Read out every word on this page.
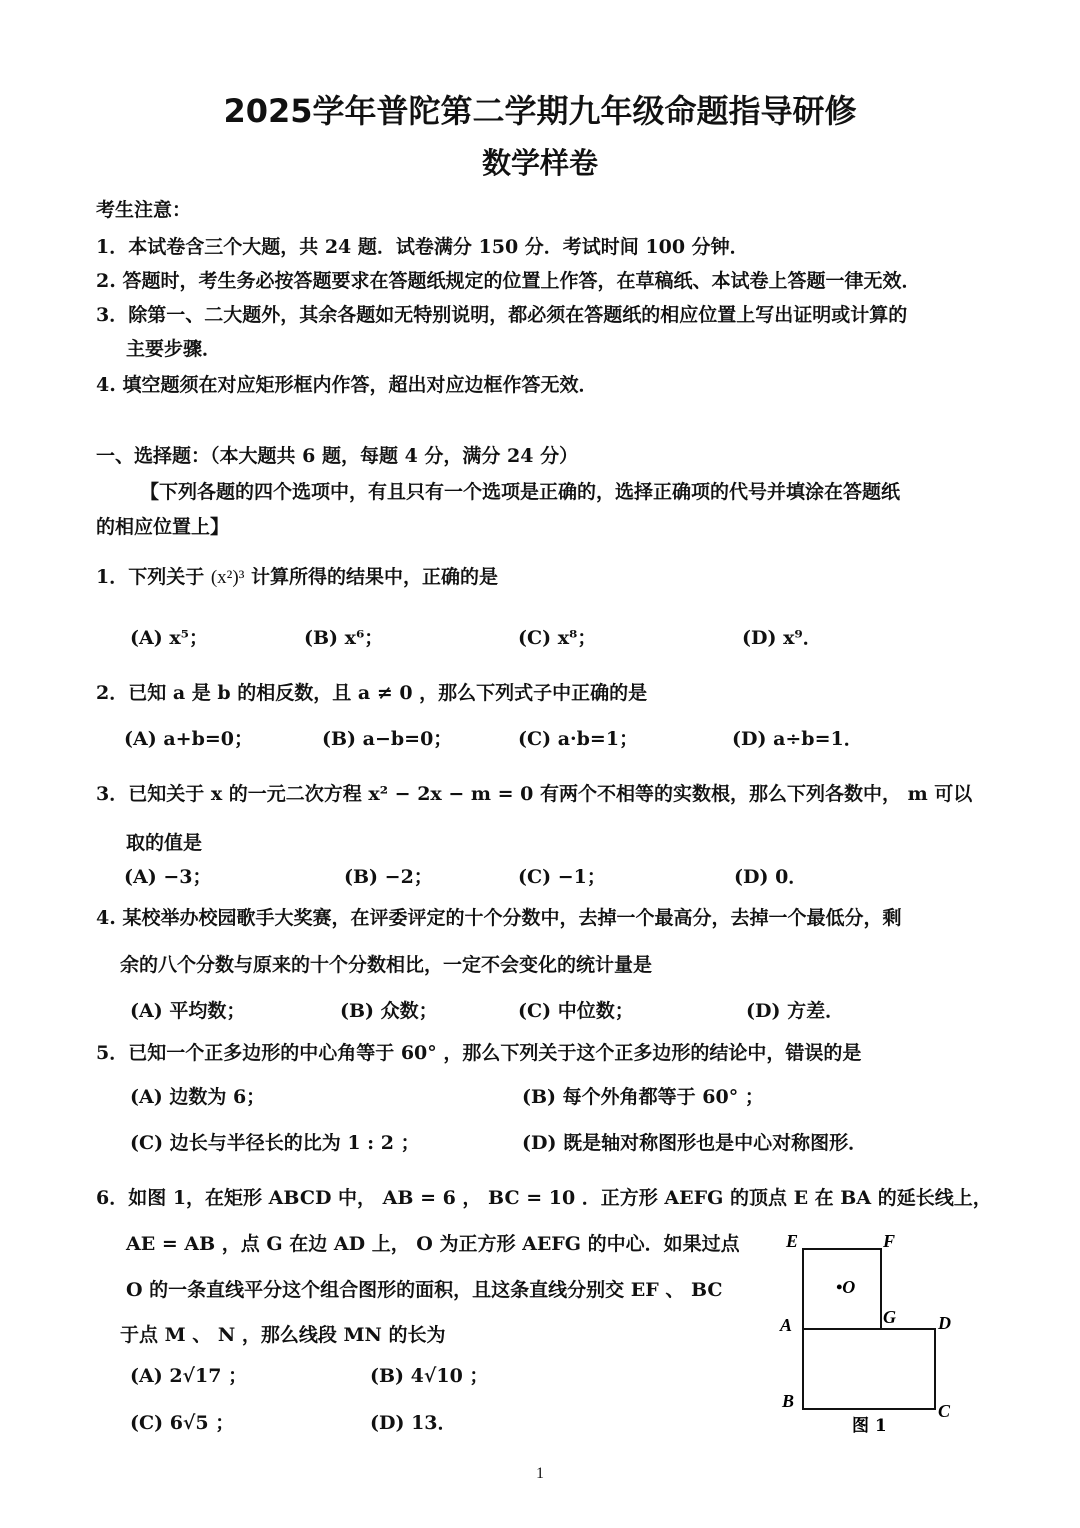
2025学年普陀第二学期九年级命题指导研修
数学样卷
考生注意：
1．本试卷含三个大题，共 24 题．试卷满分 150 分．考试时间 100 分钟．
2. 答题时，考生务必按答题要求在答题纸规定的位置上作答，在草稿纸、本试卷上答题一律无效．
3．除第一、二大题外，其余各题如无特别说明，都必须在答题纸的相应位置上写出证明或计算的
主要步骤．
4. 填空题须在对应矩形框内作答，超出对应边框作答无效．
一、选择题：（本大题共 6 题，每题 4 分，满分 24 分）
【下列各题的四个选项中，有且只有一个选项是正确的，选择正确项的代号并填涂在答题纸
的相应位置上】
1．下列关于 (x²)³ 计算所得的结果中，正确的是
(A) x⁵；	(B) x⁶；	(C) x⁸；	(D) x⁹．
2．已知 a 是 b 的相反数，且 a ≠ 0 ，那么下列式子中正确的是
(A) a+b=0；	(B) a−b=0；	(C) a·b=1；	(D) a÷b=1．
3．已知关于 x 的一元二次方程 x² − 2x − m = 0 有两个不相等的实数根，那么下列各数中， m 可以
取的值是
(A) −3；	(B) −2；	(C) −1；	(D) 0．
4. 某校举办校园歌手大奖赛，在评委评定的十个分数中，去掉一个最高分，去掉一个最低分，剩
余的八个分数与原来的十个分数相比，一定不会变化的统计量是
(A) 平均数；	(B) 众数；	(C) 中位数；	(D) 方差．
5．已知一个正多边形的中心角等于 60° ，那么下列关于这个正多边形的结论中，错误的是
(A) 边数为 6；	(B) 每个外角都等于 60° ；
(C) 边长与半径长的比为 1 : 2 ；	(D) 既是轴对称图形也是中心对称图形．
6．如图 1，在矩形 ABCD 中， AB = 6 ， BC = 10 ．正方形 AEFG 的顶点 E 在 BA 的延长线上，
AE = AB ，点 G 在边 AD 上， O 为正方形 AEFG 的中心．如果过点
O 的一条直线平分这个组合图形的面积，且这条直线分别交 EF 、 BC
于点 M 、 N ，那么线段 MN 的长为
(A) 2√17 ；	(B) 4√10 ；
(C) 6√5 ；	(D) 13．
E	F
•O
A	G D
B	C
图 1
1
